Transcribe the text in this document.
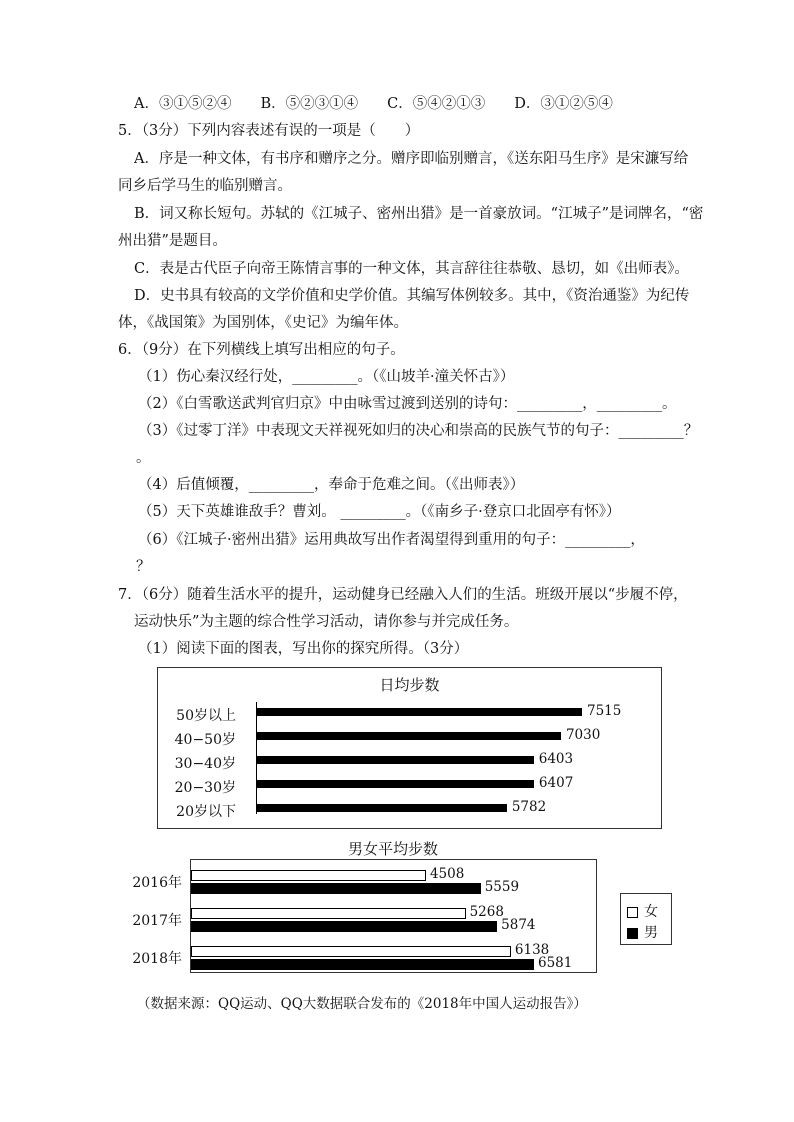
A．③①⑤②④　　B．⑤②③①④　　C．⑤④②①③　　D．③①②⑤④
5．（3分）下列内容表述有误的一项是（　　）
A．序是一种文体，有书序和赠序之分。赠序即临别赠言，《送东阳马生序》是宋濂写给
同乡后学马生的临别赠言。
B．词又称长短句。苏轼的《江城子、密州出猎》是一首豪放词。“江城子”是词牌名，“密
州出猎”是题目。
C．表是古代臣子向帝王陈情言事的一种文体，其言辞往往恭敬、恳切，如《出师表》。
D．史书具有较高的文学价值和史学价值。其编写体例较多。其中，《资治通鉴》为纪传
体，《战国策》为国别体，《史记》为编年体。
6．（9分）在下列横线上填写出相应的句子。
（1）伤心秦汉经行处，_________。（《山坡羊·潼关怀古》）
（2）《白雪歌送武判官归京》中由咏雪过渡到送别的诗句：_________，_________。
（3）《过零丁洋》中表现文天祥视死如归的决心和崇高的民族气节的句子：_________？
。
（4）后值倾覆，_________，奉命于危难之间。（《出师表》）
（5）天下英雄谁敌手？曹刘。 _________。（《南乡子·登京口北固亭有怀》）
（6）《江城子·密州出猎》运用典故写出作者渴望得到重用的句子：_________，
？
7．（6分）随着生活水平的提升，运动健身已经融入人们的生活。班级开展以“步履不停，
运动快乐”为主题的综合性学习活动，请你参与并完成任务。
（1）阅读下面的图表，写出你的探究所得。（3分）
日均步数
50岁以上	7515
40−50岁	7030
30−40岁	6403
20−30岁	6407
20岁以下	5782
男女平均步数
4508
5559
5268
5874
6138
6581
2016年
2017年
2018年
女
男
（数据来源：QQ运动、QQ大数据联合发布的《2018年中国人运动报告》）
